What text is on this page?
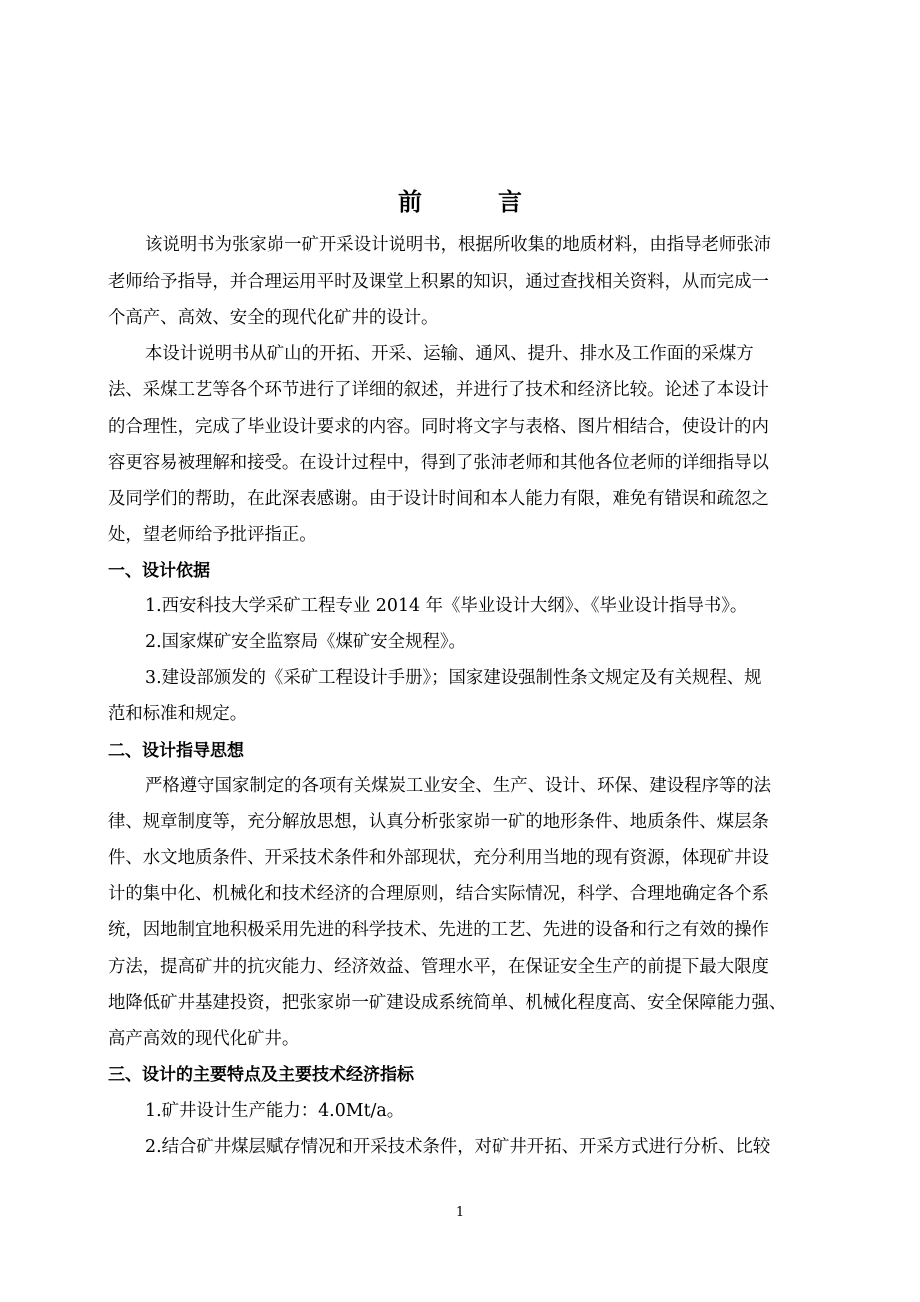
前　言
该说明书为张家峁一矿开采设计说明书，根据所收集的地质材料，由指导老师张沛
老师给予指导，并合理运用平时及课堂上积累的知识，通过查找相关资料，从而完成一
个高产、高效、安全的现代化矿井的设计。
本设计说明书从矿山的开拓、开采、运输、通风、提升、排水及工作面的采煤方
法、采煤工艺等各个环节进行了详细的叙述，并进行了技术和经济比较。论述了本设计
的合理性，完成了毕业设计要求的内容。同时将文字与表格、图片相结合，使设计的内
容更容易被理解和接受。在设计过程中，得到了张沛老师和其他各位老师的详细指导以
及同学们的帮助，在此深表感谢。由于设计时间和本人能力有限，难免有错误和疏忽之
处，望老师给予批评指正。
一、设计依据
1.西安科技大学采矿工程专业 2014 年《毕业设计大纲》、《毕业设计指导书》。
2.国家煤矿安全监察局《煤矿安全规程》。
3.建设部颁发的《采矿工程设计手册》；国家建设强制性条文规定及有关规程、规
范和标准和规定。
二、设计指导思想
严格遵守国家制定的各项有关煤炭工业安全、生产、设计、环保、建设程序等的法
律、规章制度等，充分解放思想，认真分析张家峁一矿的地形条件、地质条件、煤层条
件、水文地质条件、开采技术条件和外部现状，充分利用当地的现有资源，体现矿井设
计的集中化、机械化和技术经济的合理原则，结合实际情况，科学、合理地确定各个系
统，因地制宜地积极采用先进的科学技术、先进的工艺、先进的设备和行之有效的操作
方法，提高矿井的抗灾能力、经济效益、管理水平，在保证安全生产的前提下最大限度
地降低矿井基建投资，把张家峁一矿建设成系统简单、机械化程度高、安全保障能力强、
高产高效的现代化矿井。
三、设计的主要特点及主要技术经济指标
1.矿井设计生产能力：4.0Mt/a。
2.结合矿井煤层赋存情况和开采技术条件，对矿井开拓、开采方式进行分析、比较
1
